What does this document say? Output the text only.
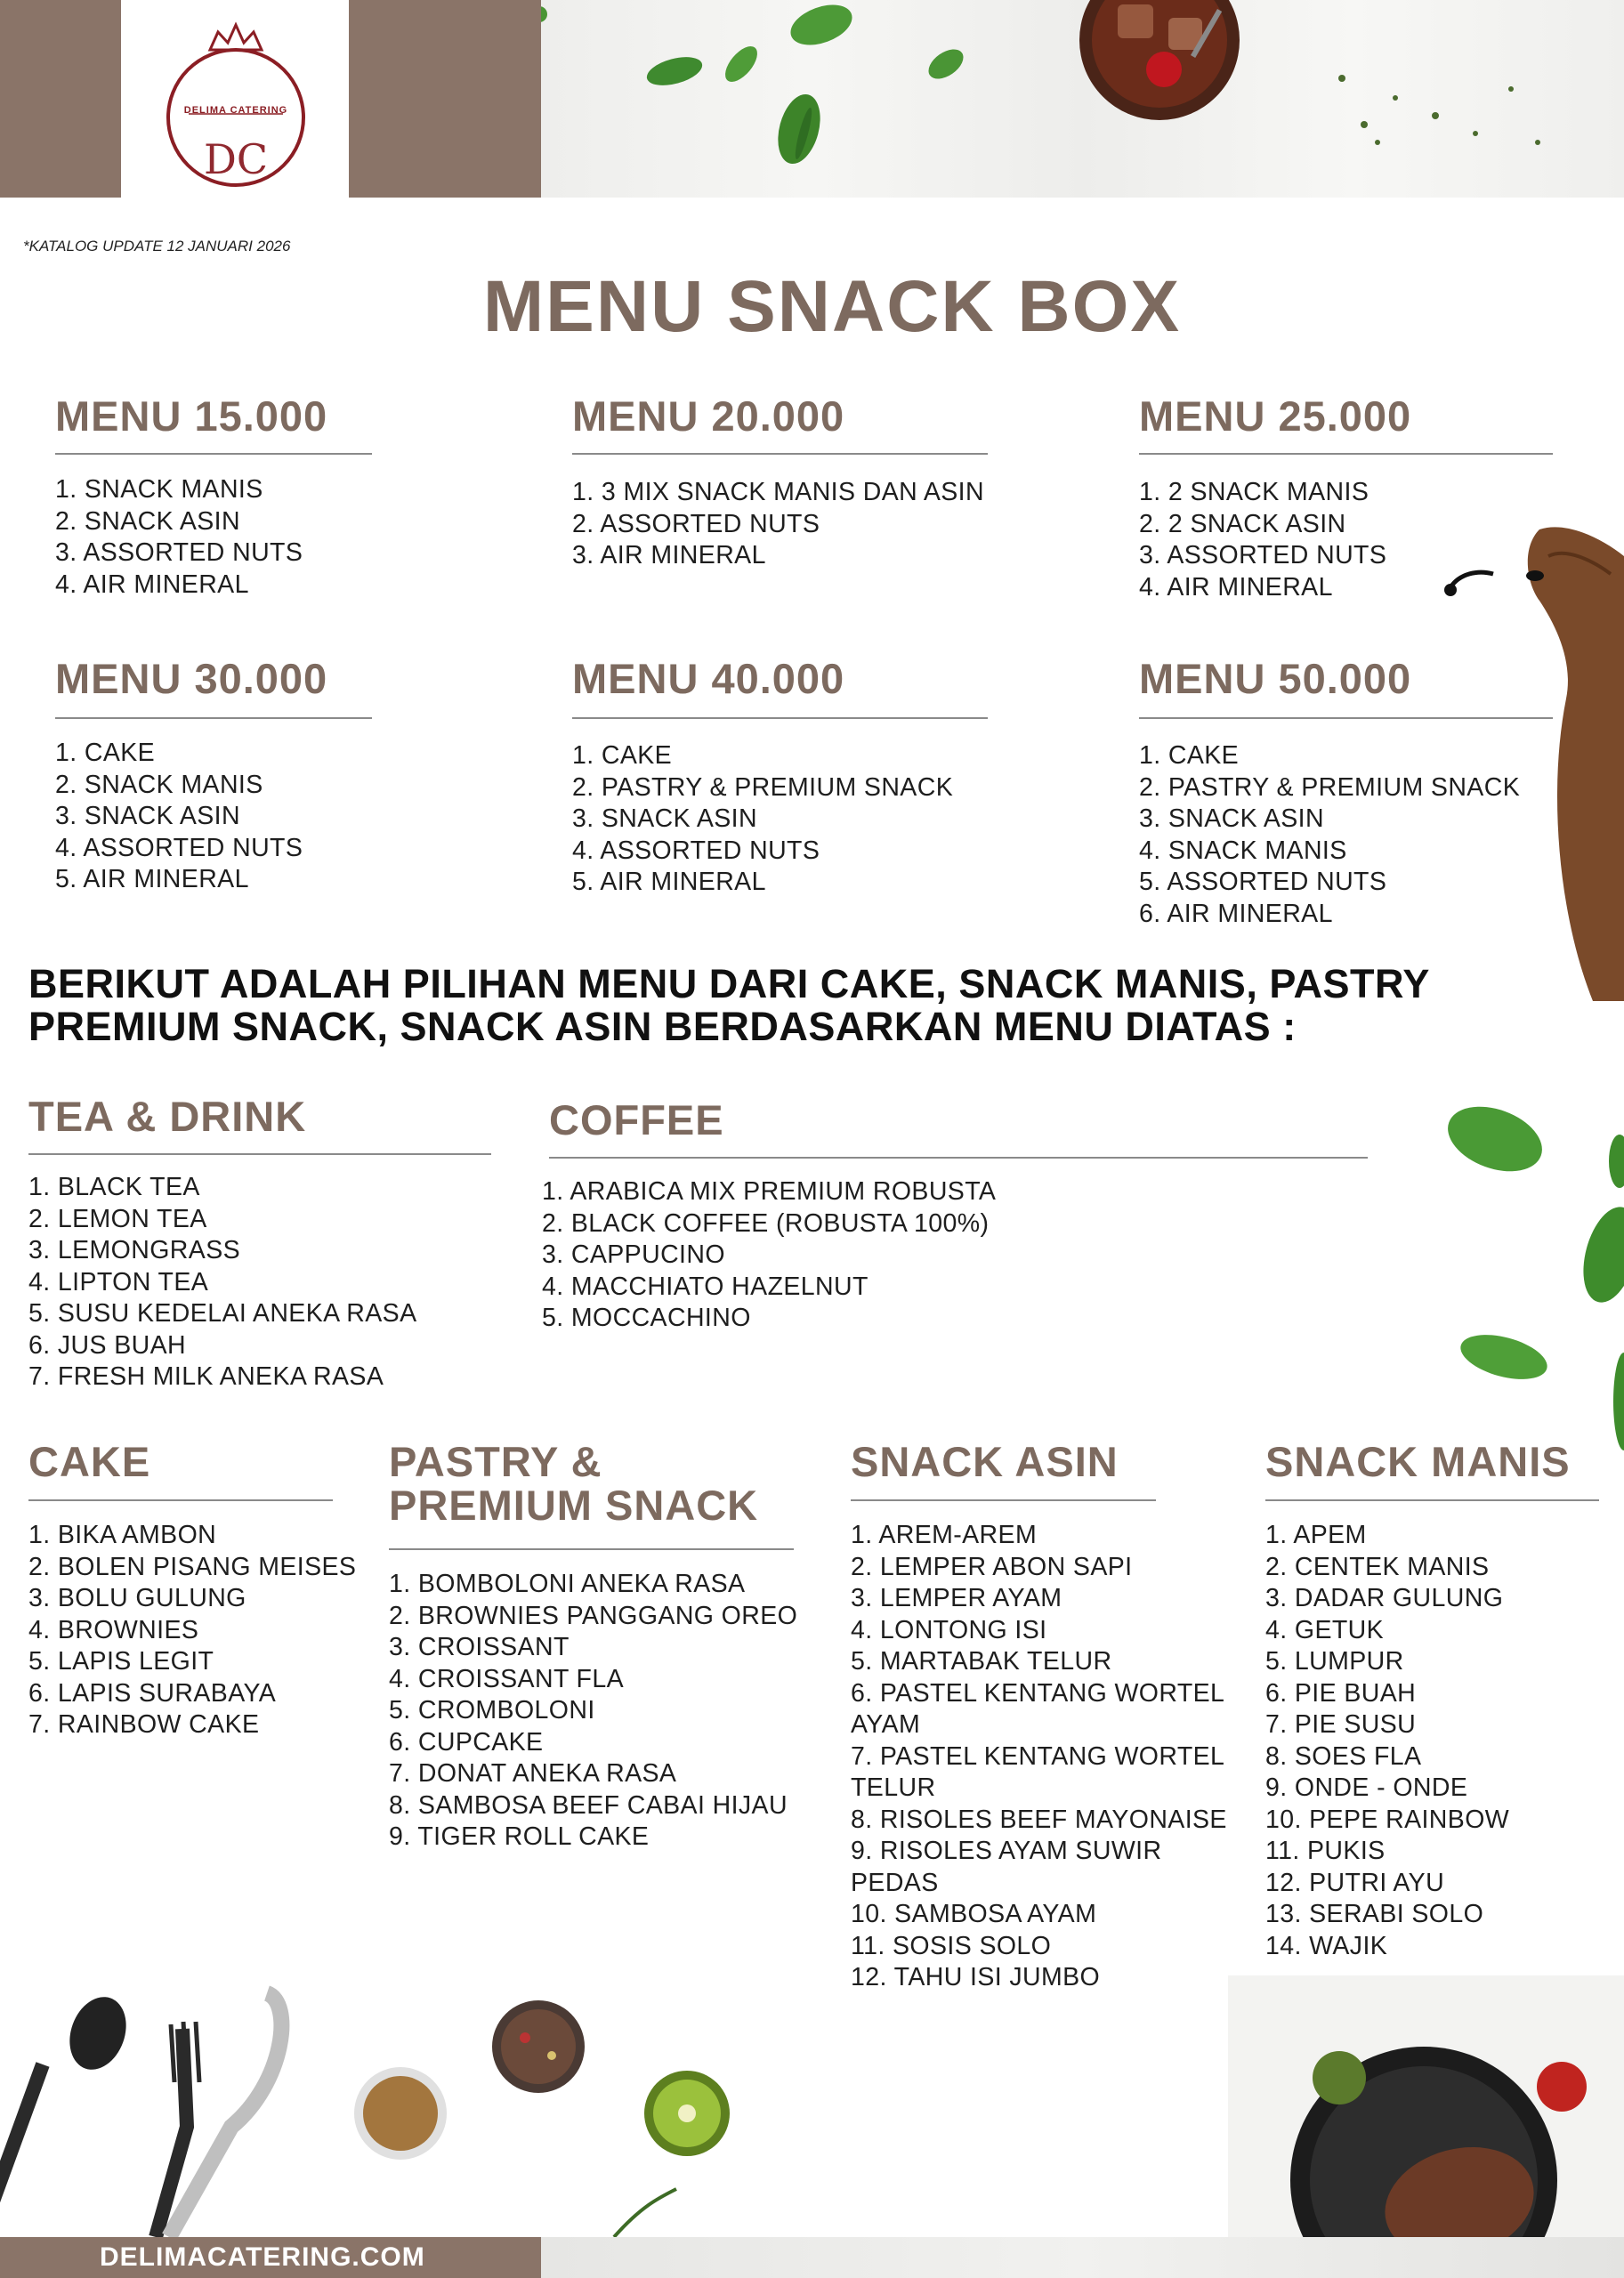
DC
DELIMA CATERING
*KATALOG UPDATE 12 JANUARI 2026
MENU SNACK BOX
MENU 15.000
1. SNACK MANIS
2. SNACK ASIN
3. ASSORTED NUTS
4. AIR MINERAL
MENU 20.000
1. 3 MIX SNACK MANIS DAN ASIN
2. ASSORTED NUTS
3. AIR MINERAL
MENU 25.000
1. 2 SNACK MANIS
2. 2 SNACK ASIN
3. ASSORTED NUTS
4. AIR MINERAL
MENU 30.000
1. CAKE
2. SNACK MANIS
3. SNACK ASIN
4. ASSORTED NUTS
5. AIR MINERAL
MENU 40.000
1. CAKE
2. PASTRY & PREMIUM SNACK
3. SNACK ASIN
4. ASSORTED NUTS
5. AIR MINERAL
MENU 50.000
1. CAKE
2. PASTRY & PREMIUM SNACK
3. SNACK ASIN
4. SNACK MANIS
5. ASSORTED NUTS
6. AIR MINERAL
BERIKUT ADALAH PILIHAN MENU DARI CAKE, SNACK MANIS, PASTRY PREMIUM SNACK, SNACK ASIN BERDASARKAN MENU DIATAS :
TEA & DRINK
1. BLACK TEA
2. LEMON TEA
3. LEMONGRASS
4. LIPTON TEA
5. SUSU KEDELAI ANEKA RASA
6. JUS BUAH
7. FRESH MILK ANEKA RASA
COFFEE
1. ARABICA MIX PREMIUM ROBUSTA
2. BLACK COFFEE (ROBUSTA 100%)
3. CAPPUCINO
4. MACCHIATO HAZELNUT
5. MOCCACHINO
CAKE
1. BIKA AMBON
2. BOLEN PISANG MEISES
3. BOLU GULUNG
4. BROWNIES
5. LAPIS LEGIT
6. LAPIS SURABAYA
7. RAINBOW CAKE
PASTRY &
PREMIUM SNACK
1. BOMBOLONI ANEKA RASA
2. BROWNIES PANGGANG OREO
3. CROISSANT
4. CROISSANT FLA
5. CROMBOLONI
6. CUPCAKE
7. DONAT ANEKA RASA
8. SAMBOSA BEEF CABAI HIJAU
9. TIGER ROLL CAKE
SNACK ASIN
1. AREM-AREM
2. LEMPER ABON SAPI
3. LEMPER AYAM
4. LONTONG ISI
5. MARTABAK TELUR
6. PASTEL KENTANG WORTEL
AYAM
7. PASTEL KENTANG WORTEL
TELUR
8. RISOLES BEEF MAYONAISE
9. RISOLES AYAM SUWIR
PEDAS
10. SAMBOSA AYAM
11. SOSIS SOLO
12. TAHU ISI JUMBO
SNACK MANIS
1. APEM
2. CENTEK MANIS
3. DADAR GULUNG
4. GETUK
5. LUMPUR
6. PIE BUAH
7. PIE SUSU
8. SOES FLA
9. ONDE - ONDE
10. PEPE RAINBOW
11. PUKIS
12. PUTRI AYU
13. SERABI SOLO
14. WAJIK
DELIMACATERING.COM
